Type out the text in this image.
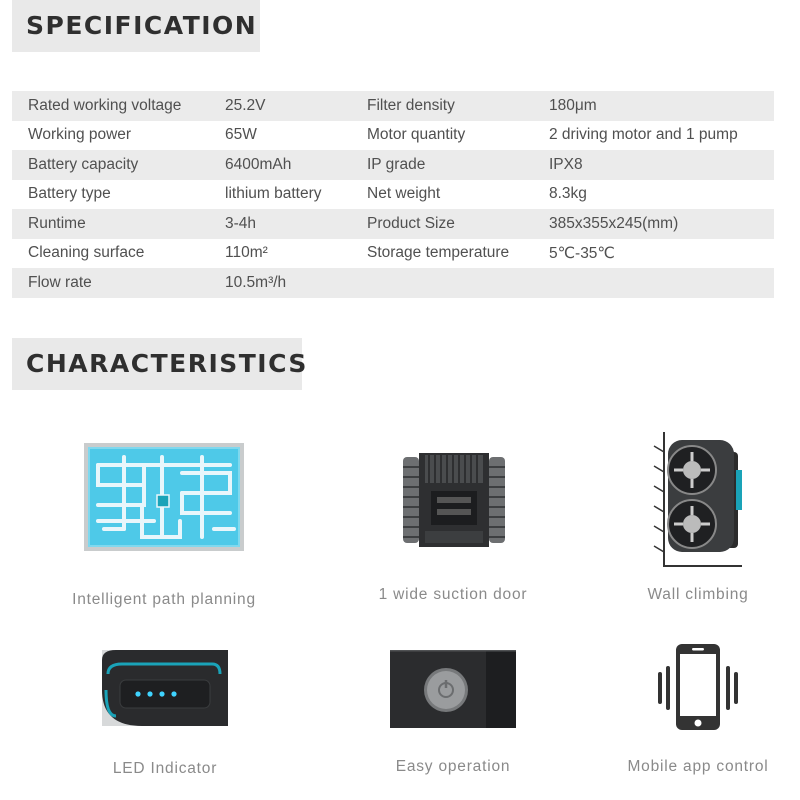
SPECIFICATION
Rated working voltage	25.2V	Filter density	180μm
Working power	65W	Motor quantity	2 driving motor and 1 pump
Battery capacity	6400mAh	IP grade	IPX8
Battery type	lithium battery	Net weight	8.3kg
Runtime	3-4h	Product Size	385x355x245(mm)
Cleaning surface	110m²	Storage temperature	5℃-35℃
Flow rate	10.5m³/h
CHARACTERISTICS
Intelligent path planning	1 wide suction door	Wall climbing
LED Indicator	Easy operation	Mobile app control
